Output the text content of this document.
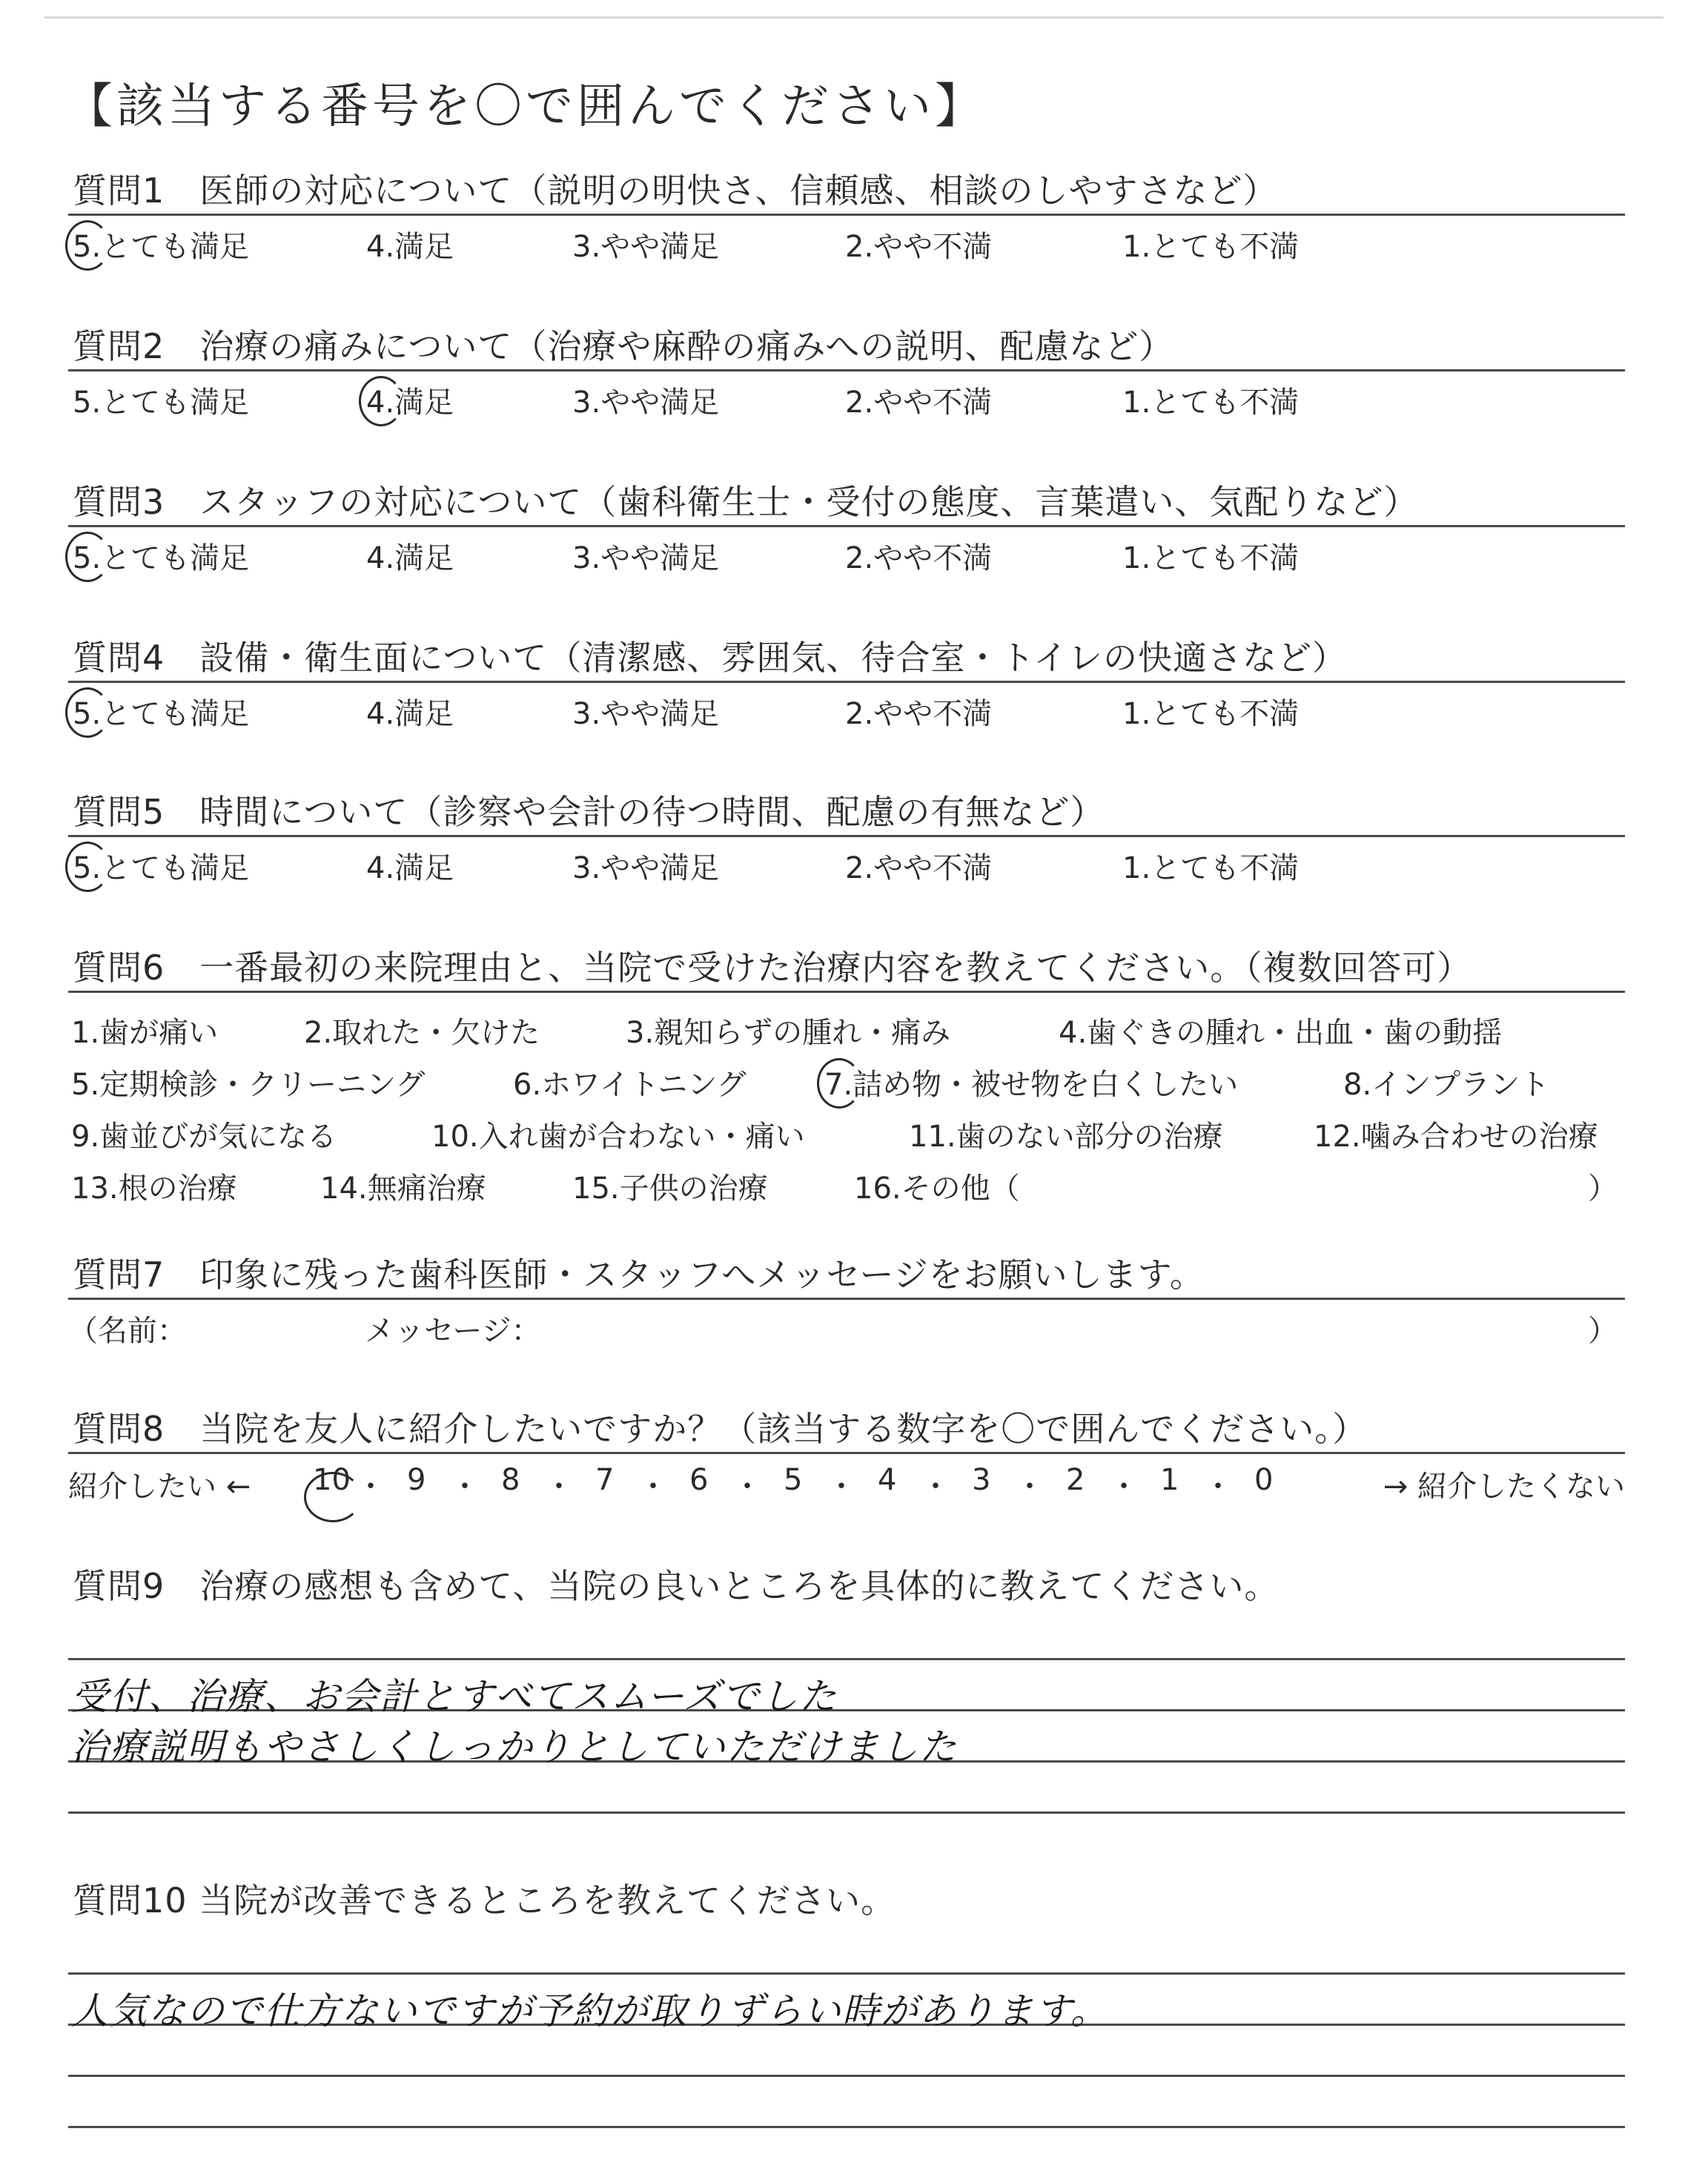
【該当する番号を〇で囲んでください】
質問1　医師の対応について（説明の明快さ、信頼感、相談のしやすさなど）
5.とても満足	4.満足	3.やや満足	2.やや不満	1.とても不満
質問2　治療の痛みについて（治療や麻酔の痛みへの説明、配慮など）
5.とても満足	4.満足	3.やや満足	2.やや不満	1.とても不満
質問3　スタッフの対応について（歯科衛生士・受付の態度、言葉遣い、気配りなど）
5.とても満足	4.満足	3.やや満足	2.やや不満	1.とても不満
質問4　設備・衛生面について（清潔感、雰囲気、待合室・トイレの快適さなど）
5.とても満足	4.満足	3.やや満足	2.やや不満	1.とても不満
質問5　時間について（診察や会計の待つ時間、配慮の有無など）
5.とても満足	4.満足	3.やや満足	2.やや不満	1.とても不満
質問6　一番最初の来院理由と、当院で受けた治療内容を教えてください。（複数回答可）
1.歯が痛い	2.取れた・欠けた	3.親知らずの腫れ・痛み	4.歯ぐきの腫れ・出血・歯の動揺
5.定期検診・クリーニング	6.ホワイトニング	7.詰め物・被せ物を白くしたい	8.インプラント
9.歯並びが気になる	10.入れ歯が合わない・痛い	11.歯のない部分の治療	12.噛み合わせの治療
13.根の治療	14.無痛治療	15.子供の治療	16.その他（	）
質問7　印象に残った歯科医師・スタッフへメッセージをお願いします。
（名前：	メッセージ：	）
質問8　当院を友人に紹介したいですか？（該当する数字を〇で囲んでください。）
紹介したい ← 10 ・ 9 ・ 8 ・ 7 ・ 6 ・ 5 ・ 4 ・ 3 ・ 2 ・ 1 ・ 0	→ 紹介したくない
質問9　治療の感想も含めて、当院の良いところを具体的に教えてください。
受付、治療、お会計とすべてスムーズでした
治療説明もやさしくしっかりとしていただけました
質問10 当院が改善できるところを教えてください。
人気なので仕方ないですが予約が取りずらい時があります。
